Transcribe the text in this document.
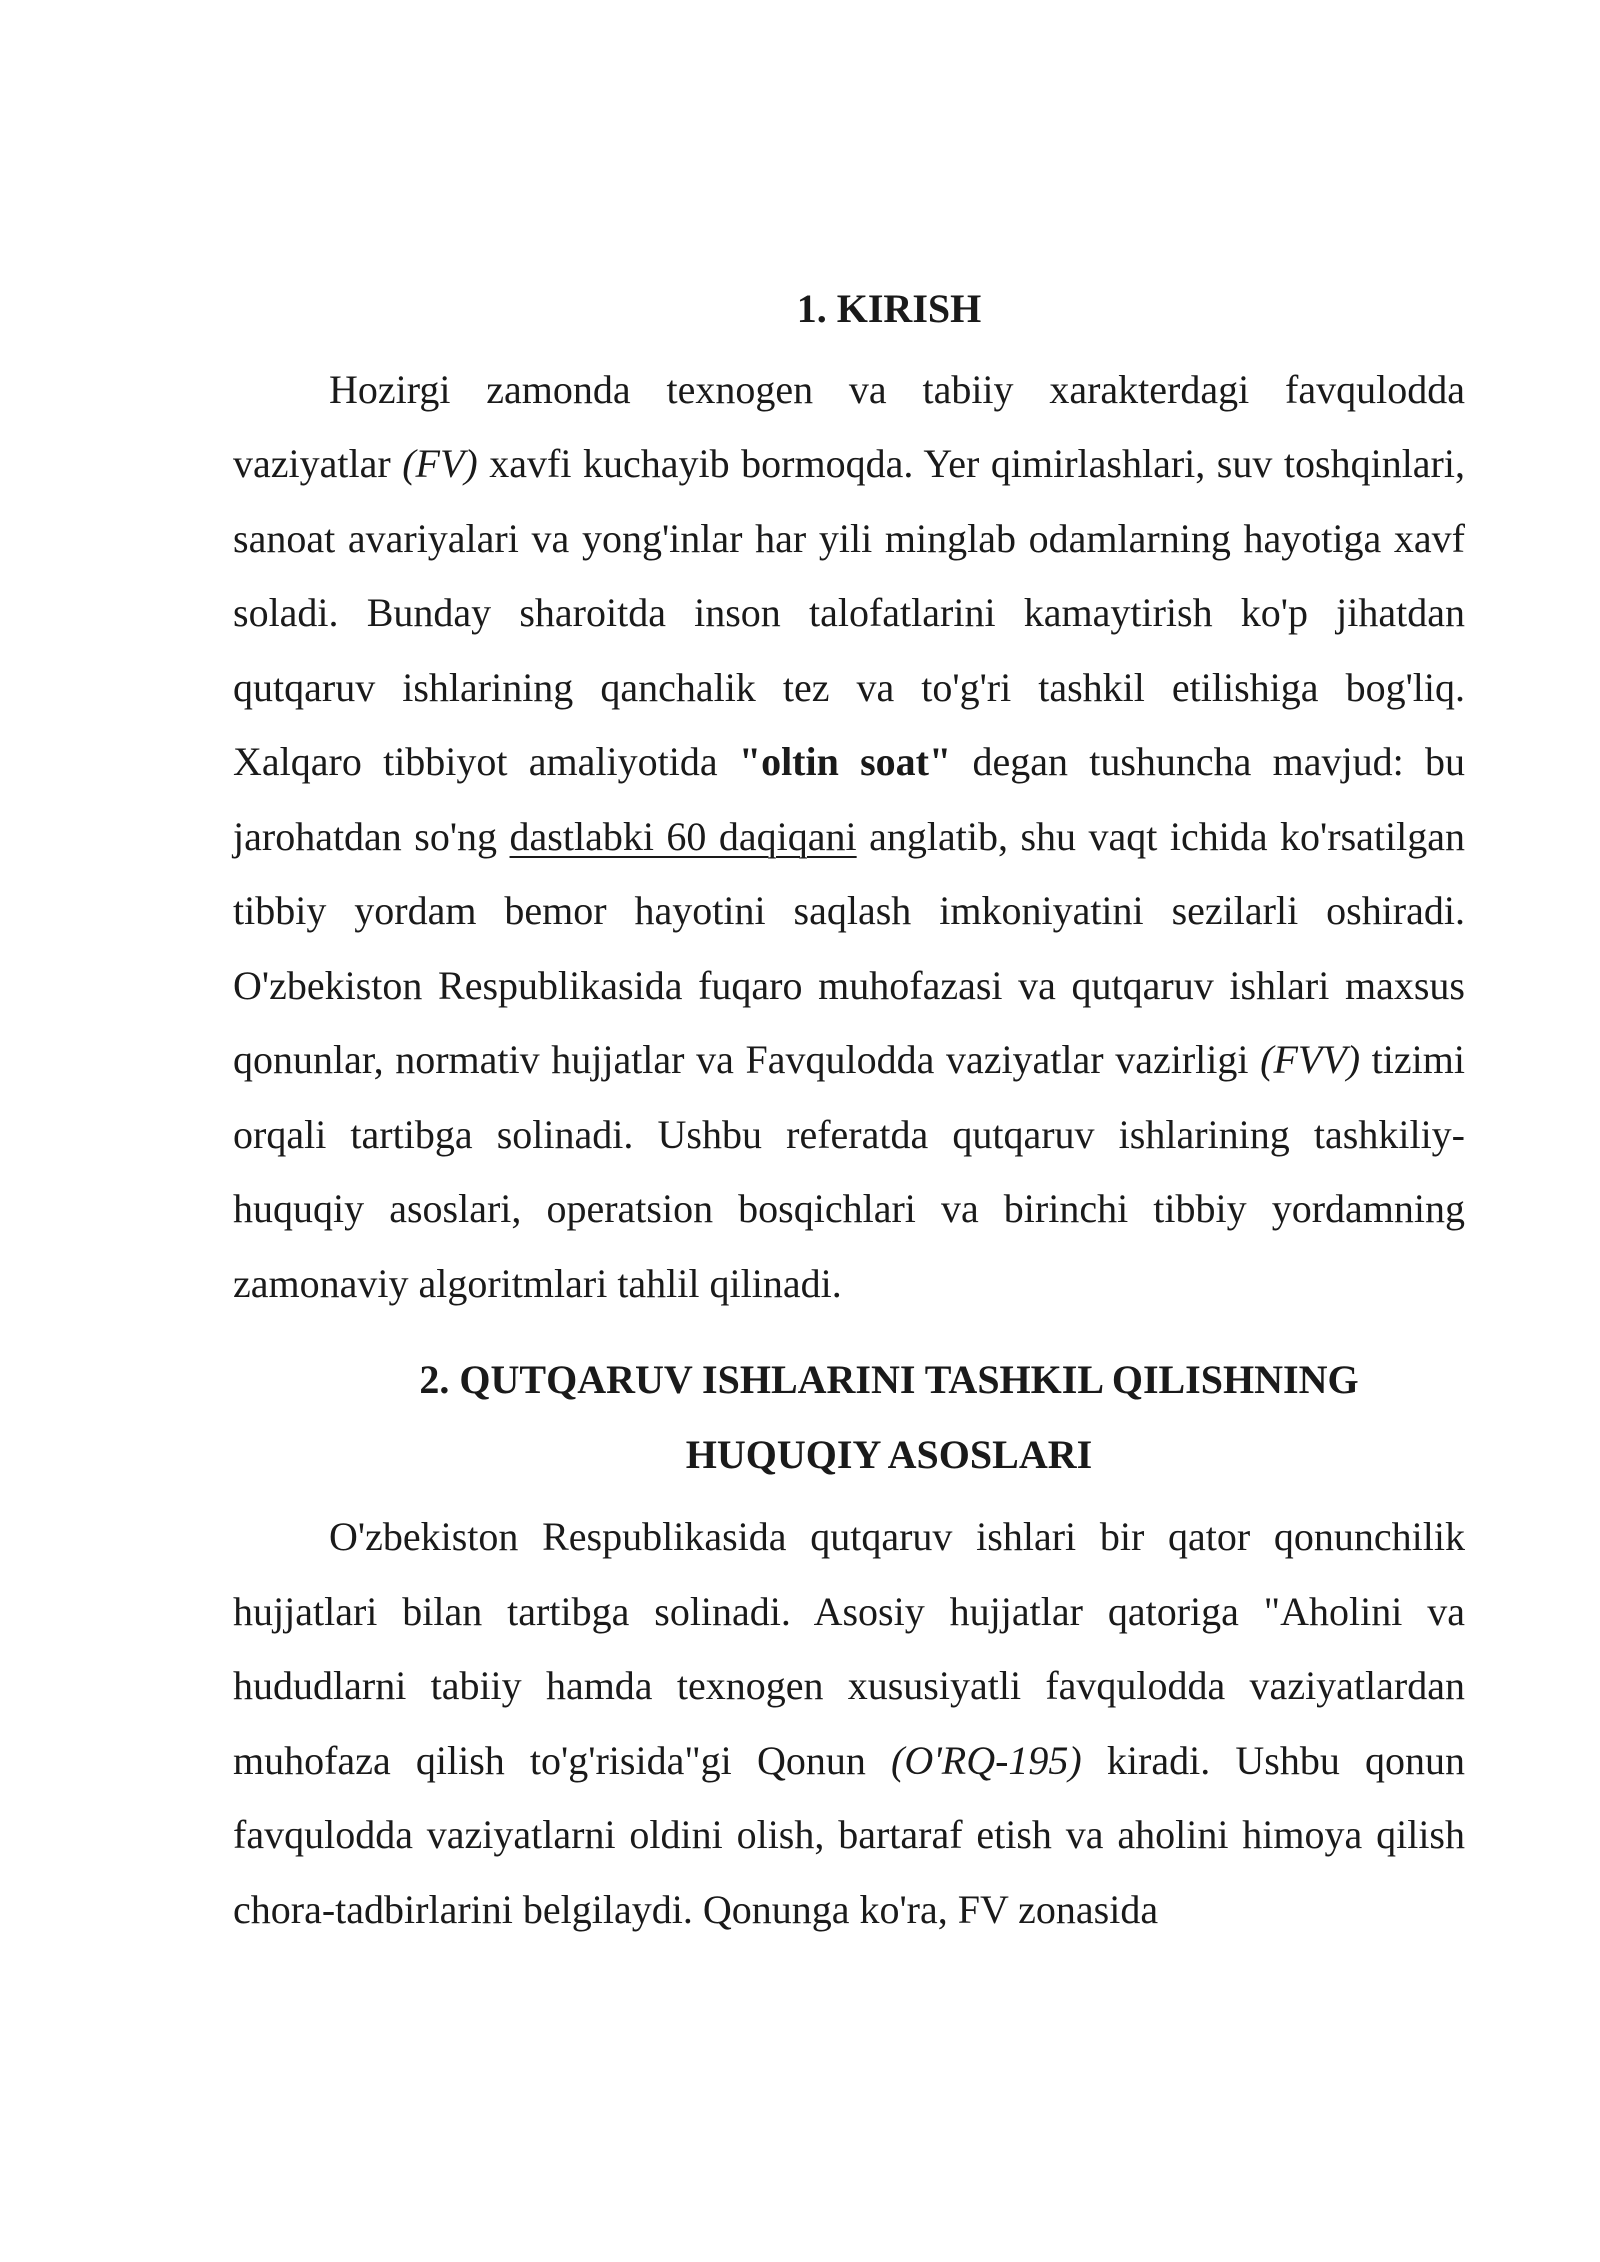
1. KIRISH

Hozirgi zamonda texnogen va tabiiy xarakterdagi favqulodda vaziyatlar (FV) xavfi kuchayib bormoqda. Yer qimirlashlari, suv toshqinlari, sanoat avariyalari va yong'inlar har yili minglab odamlarning hayotiga xavf soladi. Bunday sharoitda inson talofatlarini kamaytirish ko'p jihatdan qutqaruv ishlarining qanchalik tez va to'g'ri tashkil etilishiga bog'liq. Xalqaro tibbiyot amaliyotida "oltin soat" degan tushuncha mavjud: bu jarohatdan so'ng dastlabki 60 daqiqani anglatib, shu vaqt ichida ko'rsatilgan tibbiy yordam bemor hayotini saqlash imkoniyatini sezilarli oshiradi. O'zbekiston Respublikasida fuqaro muhofazasi va qutqaruv ishlari maxsus qonunlar, normativ hujjatlar va Favqulodda vaziyatlar vazirligi (FVV) tizimi orqali tartibga solinadi. Ushbu referatda qutqaruv ishlarining tashkiliy-huquqiy asoslari, operatsion bosqichlari va birinchi tibbiy yordamning zamonaviy algoritmlari tahlil qilinadi.

2. QUTQARUV ISHLARINI TASHKIL QILISHNING
HUQUQIY ASOSLARI

O'zbekiston Respublikasida qutqaruv ishlari bir qator qonunchilik hujjatlari bilan tartibga solinadi. Asosiy hujjatlar qatoriga "Aholini va hududlarni tabiiy hamda texnogen xususiyatli favqulodda vaziyatlardan muhofaza qilish to'g'risida"gi Qonun (O'RQ-195) kiradi. Ushbu qonun favqulodda vaziyatlarni oldini olish, bartaraf etish va aholini himoya qilish chora-tadbirlarini belgilaydi. Qonunga ko'ra, FV zonasida
